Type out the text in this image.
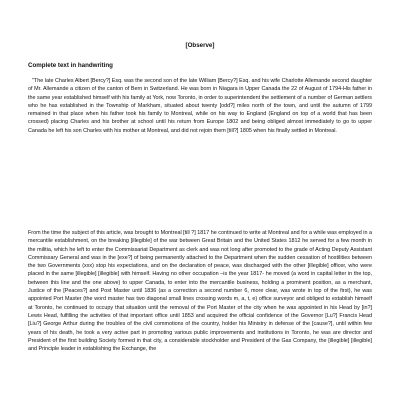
[Observe]
Complete text in handwriting

"The late Charles Albert [Bercy?] Esq. was the second son of the late William [Bercy?] Esq. and his wife Charlotte Allemande second daughter of Mr. Allemande a citizen of the canton of Bern in Switzerland. He was born in Niagara in Upper Canada the 22 of August of 1794-His father in the same year established himself with his family at York, now Toronto, in order to superintendent the settlement of a number of German settlers who he has established in the Township of Markham, situated about twenty [odd?] miles north of the town, and until the autumn of 1799 remained in that place when his father took his family to Montreal, while on his way to England (England on top of a world that has been crossed) placing Charles and his brother at school until his return from Europe 1802 and being obliged almost immediately to go to upper Canada he left his son Charles with his mother at Montreal, and did not rejoin them [till?] 1805 when his finally settled in Montreal.

From the time the subject of this article, was brought to Montreal [till ?] 1817 he continued to write at Montreal and for a while was employed in a mercantile establishment, on the breaking [illegible] of the war between Great Britain and the United States 1812 he served for a few month in the militia, which he left to enter the Commissariat Department as clerk and was not long after promoted to the grade of Acting Deputy Assistant Commissary General and was in the [exe?] of being permanently attached to the Department when the sudden cessation of hostilities between the two Governments (xxx) stop his expectations, and on the declaration of peace, was discharged with the other [illegible] officer, who were placed in the same [illegible] [illegible] with himself. Having no other occupation –is the year 1817- he moved (a word in capital letter in the top, between this line and the one above) to upper Canada, to enter into the mercantile business, holding a prominent position, as a merchant, Justice of the [Peaces?] and Post Master until 1836 (as a correction a second number 6, more clear, was wrote in top of the first), he was appointed Port Master (the word master has two diagonal small lines crossing words m, a, t, e) office surveyor and obliged to establish himself at Toronto, he continued to occupy that situation until the removal of the Port Master of the city when he was appointed in his Head by [in?] Lewis Head, fulfilling the activities of that important office until 1853 and acquired the official confidence of the Governor [Lu?] Francis Head [Liu?] George Arthur during the troubles of the civil commotions of the country, holder his Ministry in defense of the [cause?], until within few years of his death, he took a very active part in promoting various public improvements and institutions in Toronto, he was are director and President of the first building Society formed in that city, a considerable stockholder and President of the Gas Company, the [illegible] [illegible] and Principle leader in establishing the Exchange, the
